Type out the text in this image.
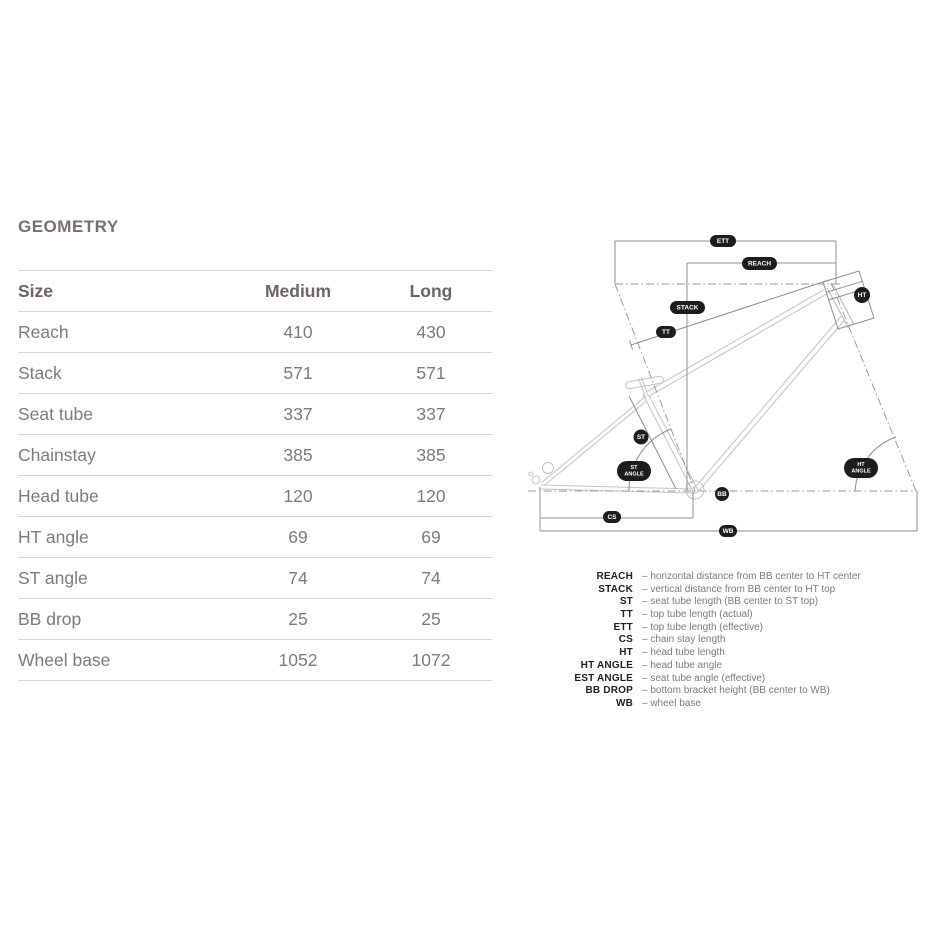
GEOMETRY
Size	Medium	Long
Reach	410	430
Stack	571	571
Seat tube	337	337
Chainstay	385	385
Head tube	120	120
HT angle	69	69
ST angle	74	74
BB drop	25	25
Wheel base	1052	1072
ETT
REACH
STACK
TT
HT
ST
BB
CS
WB
ST
ANGLE
HT
ANGLE
REACH – horizontal distance from BB center to HT center
STACK – vertical distance from BB center to HT top
ST – seat tube length (BB center to ST top)
TT – top tube length (actual)
ETT – top tube length (effective)
CS – chain stay length
HT – head tube length
HT ANGLE – head tube angle
EST ANGLE – seat tube angle (effective)
BB DROP – bottom bracket height (BB center to WB)
WB – wheel base
